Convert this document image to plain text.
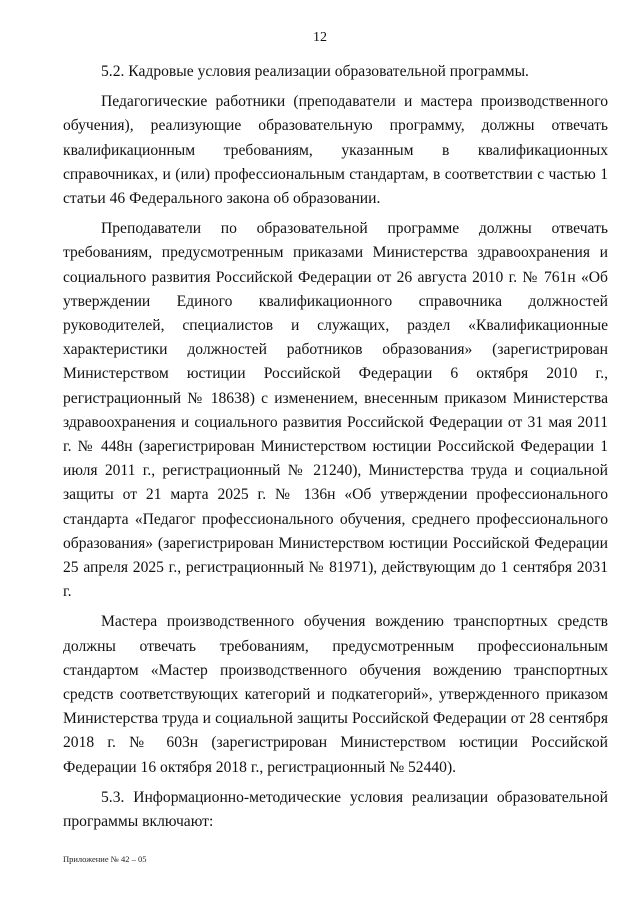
12

5.2. Кадровые условия реализации образовательной программы.

Педагогические работники (преподаватели и мастера производственного обучения), реализующие образовательную программу, должны отвечать квалификационным требованиям, указанным в квалификационных справочниках, и (или) профессиональным стандартам, в соответствии с частью 1 статьи 46 Федерального закона об образовании.

Преподаватели по образовательной программе должны отвечать требованиям, предусмотренным приказами Министерства здравоохранения и социального развития Российской Федерации от 26 августа 2010 г. № 761н «Об утверждении Единого квалификационного справочника должностей руководителей, специалистов и служащих, раздел «Квалификационные характеристики должностей работников образования» (зарегистрирован Министерством юстиции Российской Федерации 6 октября 2010 г., регистрационный № 18638) с изменением, внесенным приказом Министерства здравоохранения и социального развития Российской Федерации от 31 мая 2011 г. № 448н (зарегистрирован Министерством юстиции Российской Федерации 1 июля 2011 г., регистрационный № 21240), Министерства труда и социальной защиты от 21 марта 2025 г. № 136н «Об утверждении профессионального стандарта «Педагог профессионального обучения, среднего профессионального образования» (зарегистрирован Министерством юстиции Российской Федерации 25 апреля 2025 г., регистрационный № 81971), действующим до 1 сентября 2031 г.

Мастера производственного обучения вождению транспортных средств должны отвечать требованиям, предусмотренным профессиональным стандартом «Мастер производственного обучения вождению транспортных средств соответствующих категорий и подкатегорий», утвержденного приказом Министерства труда и социальной защиты Российской Федерации от 28 сентября 2018 г. № 603н (зарегистрирован Министерством юстиции Российской Федерации 16 октября 2018 г., регистрационный № 52440).

5.3. Информационно-методические условия реализации образовательной программы включают:

Приложение № 42 – 05
